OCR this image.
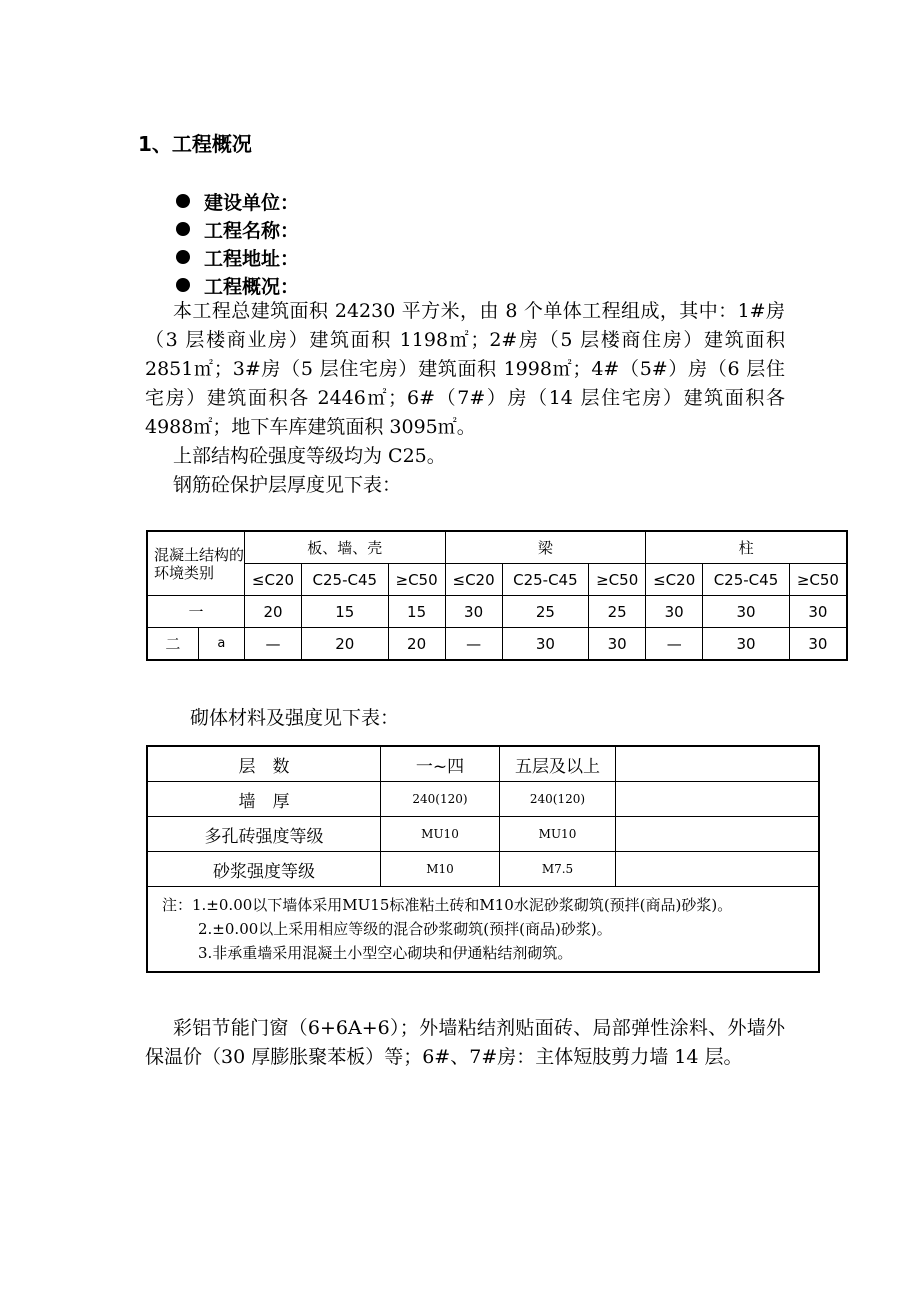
1、工程概况
建设单位：
工程名称：
工程地址：
工程概况：

本工程总建筑面积 24230 平方米，由 8 个单体工程组成，其中：1#房（3 层楼商业房）建筑面积 1198㎡；2#房（5 层楼商住房）建筑面积 2851㎡；3#房（5 层住宅房）建筑面积 1998㎡；4#（5#）房（6 层住宅房）建筑面积各 2446㎡；6#（7#）房（14 层住宅房）建筑面积各 4988㎡；地下车库建筑面积 3095㎡。

上部结构砼强度等级均为 C25。

钢筋砼保护层厚度见下表：

混凝土结构的环境类别		板、墙、壳			梁			柱		
		≤C20	C25-C45	≥C50	≤C20	C25-C45	≥C50	≤C20	C25-C45	≥C50
一		20	15	15	30	25	25	30	30	30
二	a	—	20	20	—	30	30	—	30	30
砌体材料及强度见下表：
层　数	一~四	五层及以上	
墙　厚	240(120)	240(120)	
多孔砖强度等级	MU10	MU10	
砂浆强度等级	M10	M7.5	

注：1.±0.00以下墙体采用MU15标准粘土砖和M10水泥砂浆砌筑(预拌(商品)砂浆)。
2.±0.00以上采用相应等级的混合砂浆砌筑(预拌(商品)砂浆)。
3.非承重墙采用混凝土小型空心砌块和伊通粘结剂砌筑。			

彩铝节能门窗（6+6A+6）；外墙粘结剂贴面砖、局部弹性涂料、外墙外保温价（30 厚膨胀聚苯板）等；6#、7#房：主体短肢剪力墙 14 层。
